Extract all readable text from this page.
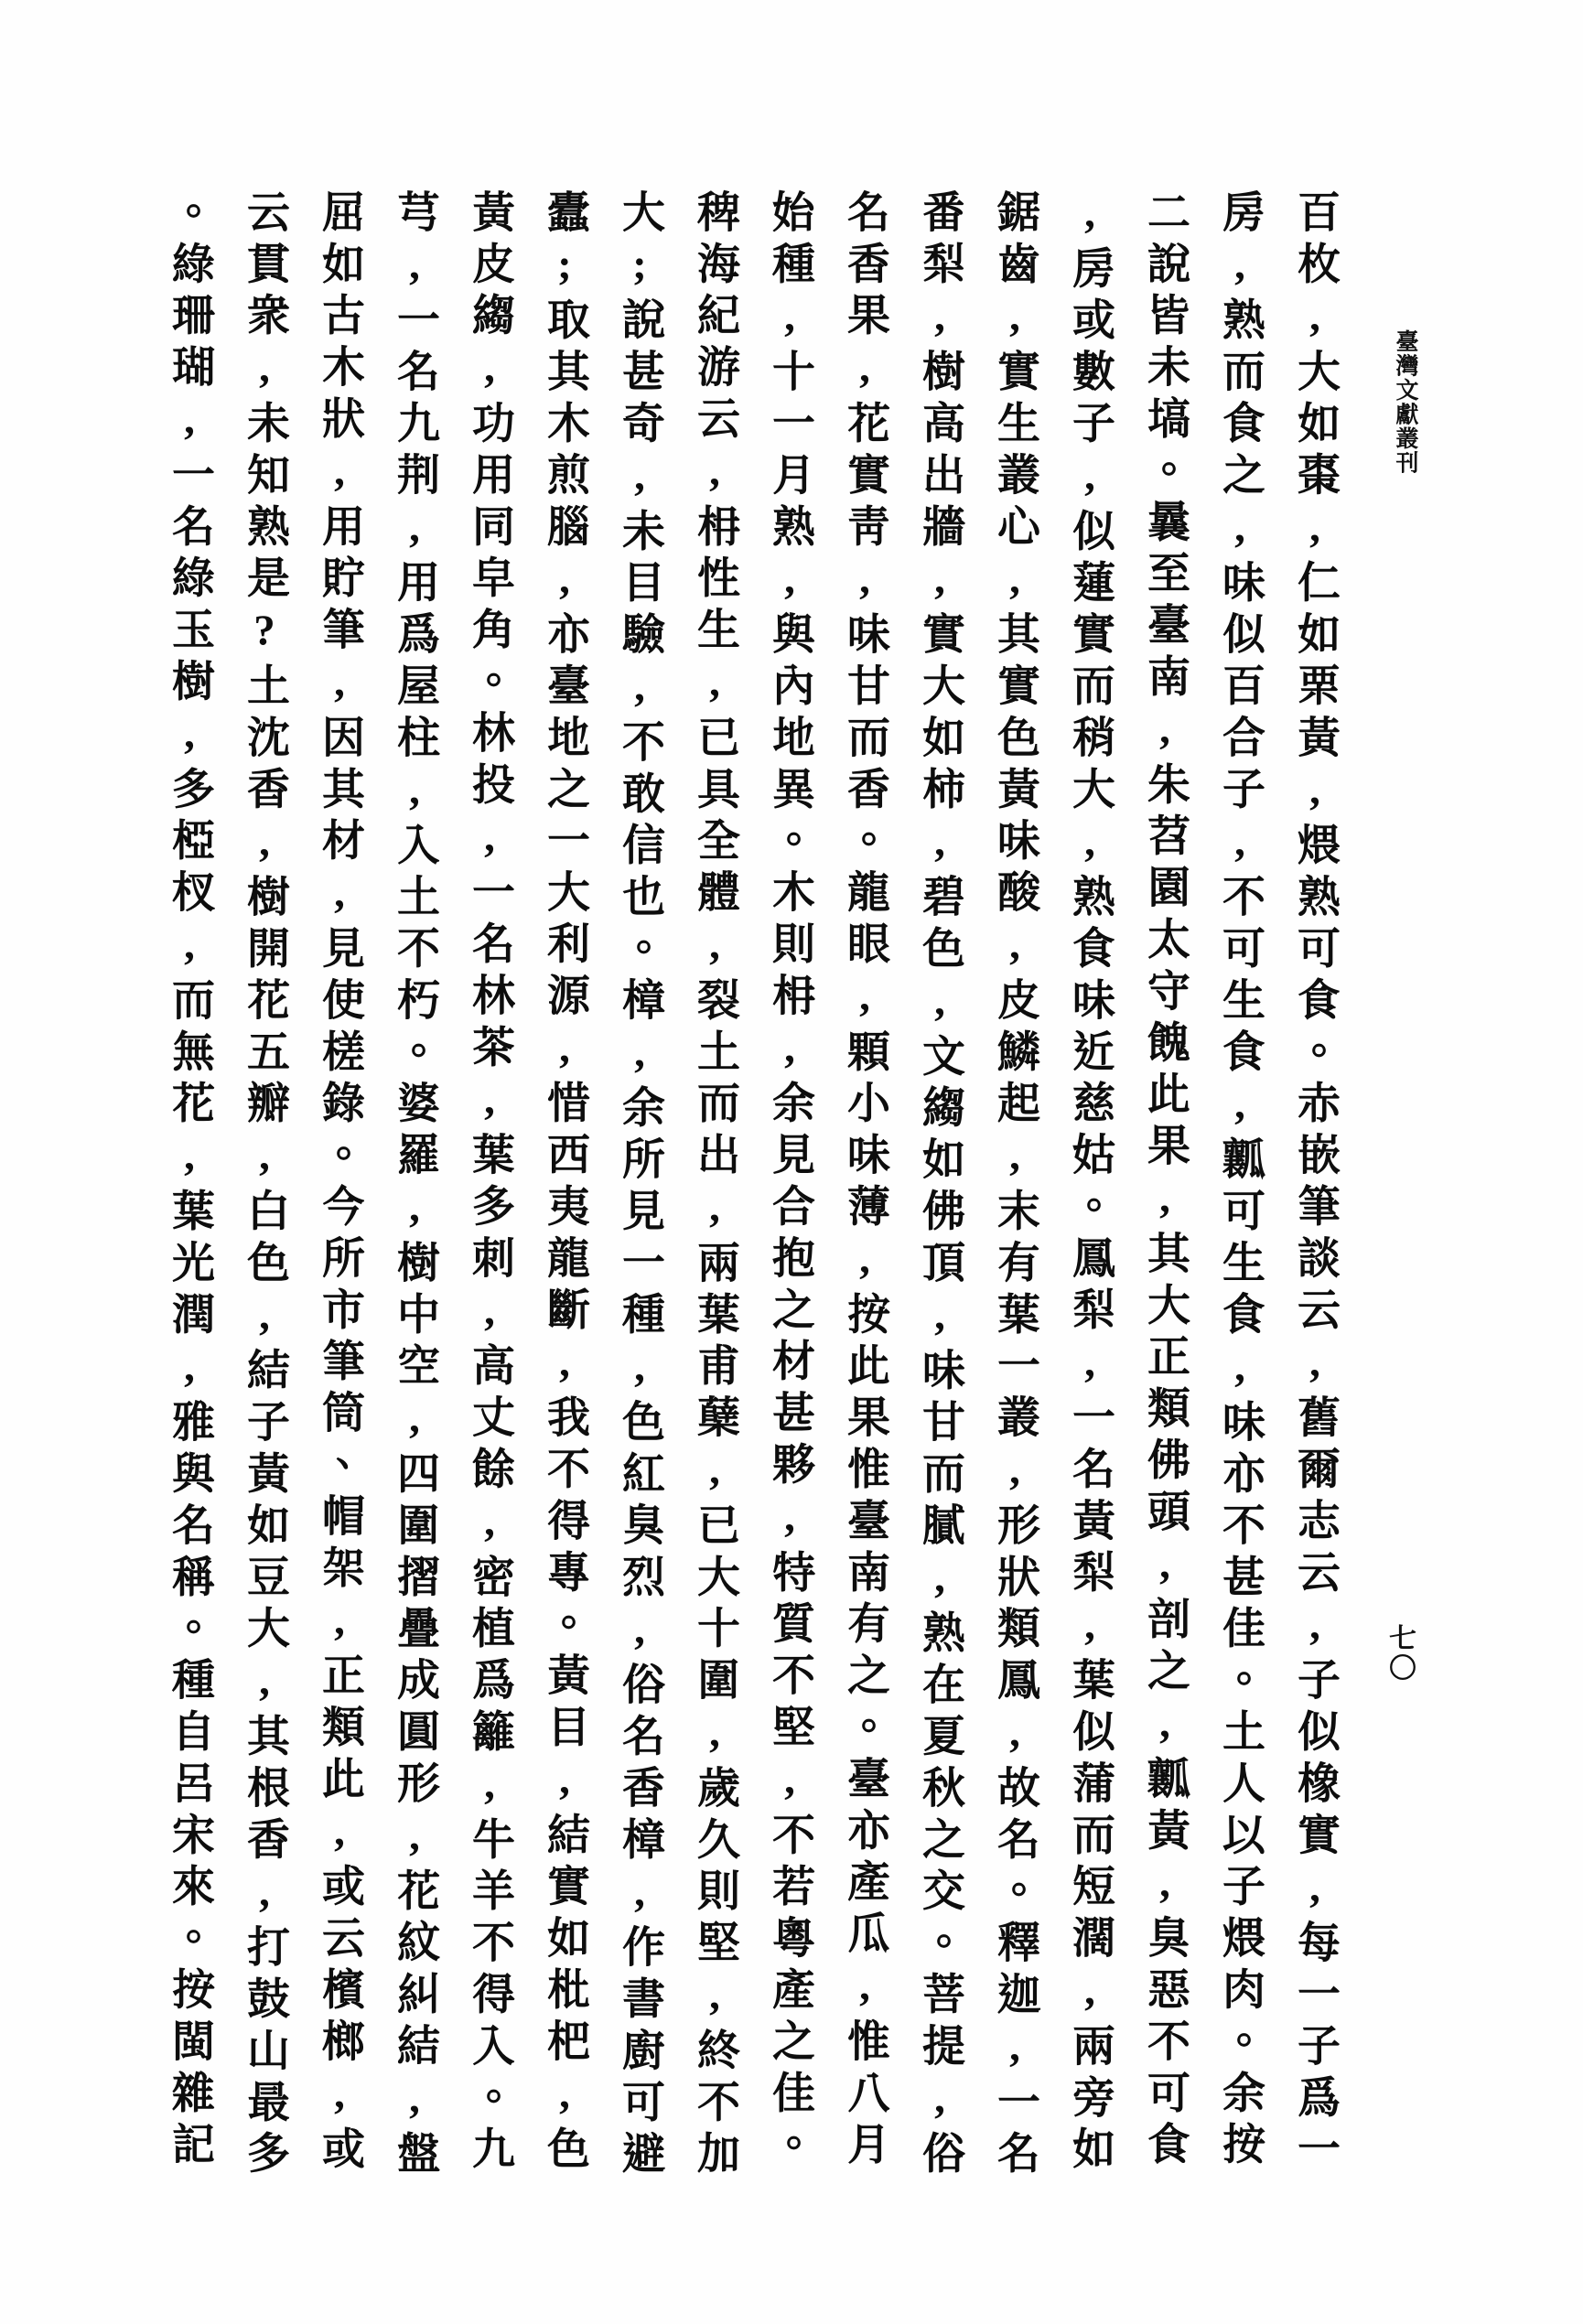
臺灣文獻叢刊
七〇
百枚,大如棗,仁如栗黃,煨熟可食。赤嵌筆談云,舊爾志云,子似橡實,每一子爲一
房,熟而食之,味似百合子,不可生食,瓤可生食,味亦不甚佳。土人以子煨肉。余按
二說皆未塙。曩至臺南,朱苕園太守餽此果,其大正類佛頭,剖之,瓤黃,臭惡不可食
,房或數子,似蓮實而稍大,熟食味近慈姑。鳳梨,一名黃梨,葉似蒲而短濶,兩旁如
鋸齒,實生叢心,其實色黃味酸,皮鱗起,末有葉一叢,形狀類鳳,故名。釋迦,一名
番梨,樹高出牆,實大如柿,碧色,文縐如佛頂,味甘而膩,熟在夏秋之交。菩提,俗
名香果,花實靑,味甘而香。龍眼,顆小味薄,按此果惟臺南有之。臺亦產瓜,惟八月
始種,十一月熟,與內地異。木則枏,余見合抱之材甚夥,特質不堅,不若粵產之佳。
稗海紀游云,枏性生,已具全體,裂土而出,兩葉甫蘖,已大十圍,歲久則堅,終不加
大;說甚奇,未目驗,不敢信也。樟,余所見一種,色紅臭烈,俗名香樟,作書廚可避
蠹;取其木煎腦,亦臺地之一大利源,惜西夷龍斷,我不得專。黃目,結實如枇杷,色
黃皮縐,功用同皁角。林投,一名林茶,葉多刺,高丈餘,密植爲籬,牛羊不得入。九
芎,一名九荆,用爲屋柱,入土不朽。婆羅,樹中空,四圍摺疊成圓形,花紋糾結,盤
屈如古木狀,用貯筆,因其材,見使槎錄。今所市筆筒、帽架,正類此,或云檳榔,或
云貫衆,未知熟是?土沈香,樹開花五瓣,白色,結子黃如豆大,其根香,打鼓山最多
。綠珊瑚,一名綠玉樹,多椏杈,而無花,葉光潤,雅與名稱。種自呂宋來。按閩雜記
